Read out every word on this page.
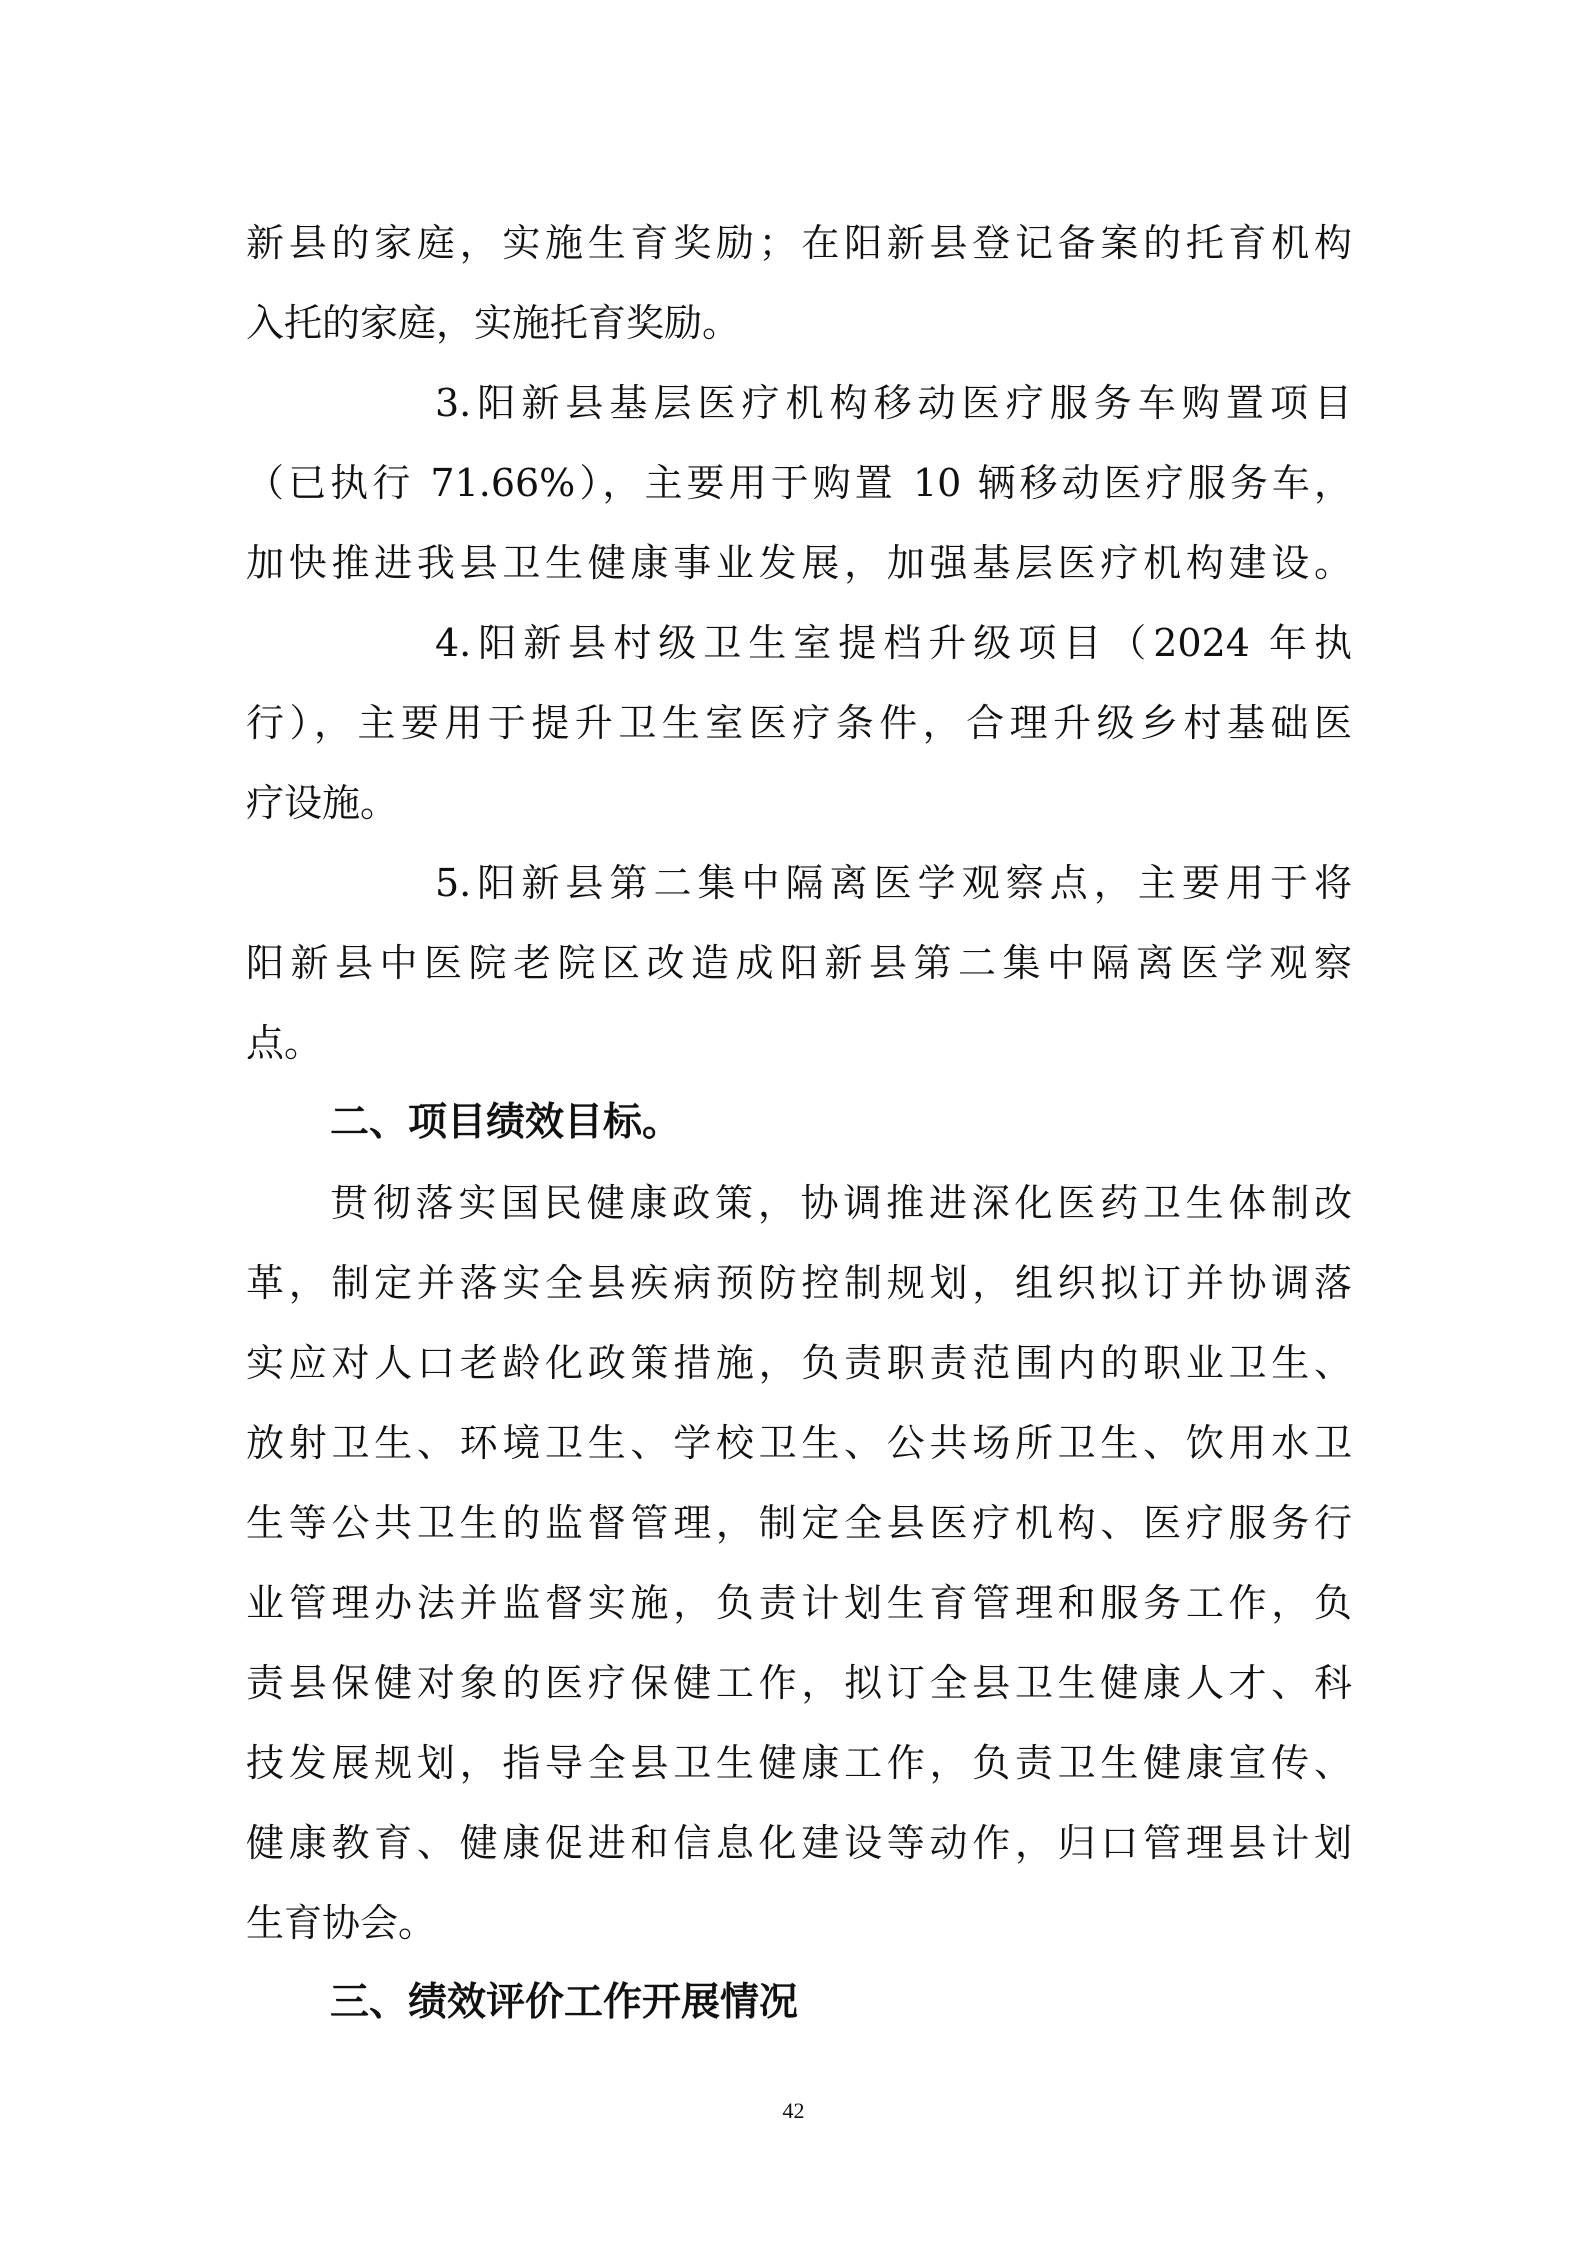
新县的家庭，实施生育奖励；在阳新县登记备案的托育机构
入托的家庭，实施托育奖励。
3.阳新县基层医疗机构移动医疗服务车购置项目
（已执行 71.66%），主要用于购置 10 辆移动医疗服务车，
加快推进我县卫生健康事业发展，加强基层医疗机构建设。
4.阳新县村级卫生室提档升级项目（2024 年执
行），主要用于提升卫生室医疗条件，合理升级乡村基础医
疗设施。
5.阳新县第二集中隔离医学观察点，主要用于将
阳新县中医院老院区改造成阳新县第二集中隔离医学观察
点。
二、项目绩效目标。
贯彻落实国民健康政策，协调推进深化医药卫生体制改
革，制定并落实全县疾病预防控制规划，组织拟订并协调落
实应对人口老龄化政策措施，负责职责范围内的职业卫生、
放射卫生、环境卫生、学校卫生、公共场所卫生、饮用水卫
生等公共卫生的监督管理，制定全县医疗机构、医疗服务行
业管理办法并监督实施，负责计划生育管理和服务工作，负
责县保健对象的医疗保健工作，拟订全县卫生健康人才、科
技发展规划，指导全县卫生健康工作，负责卫生健康宣传、
健康教育、健康促进和信息化建设等动作，归口管理县计划
生育协会。
三、绩效评价工作开展情况
42
